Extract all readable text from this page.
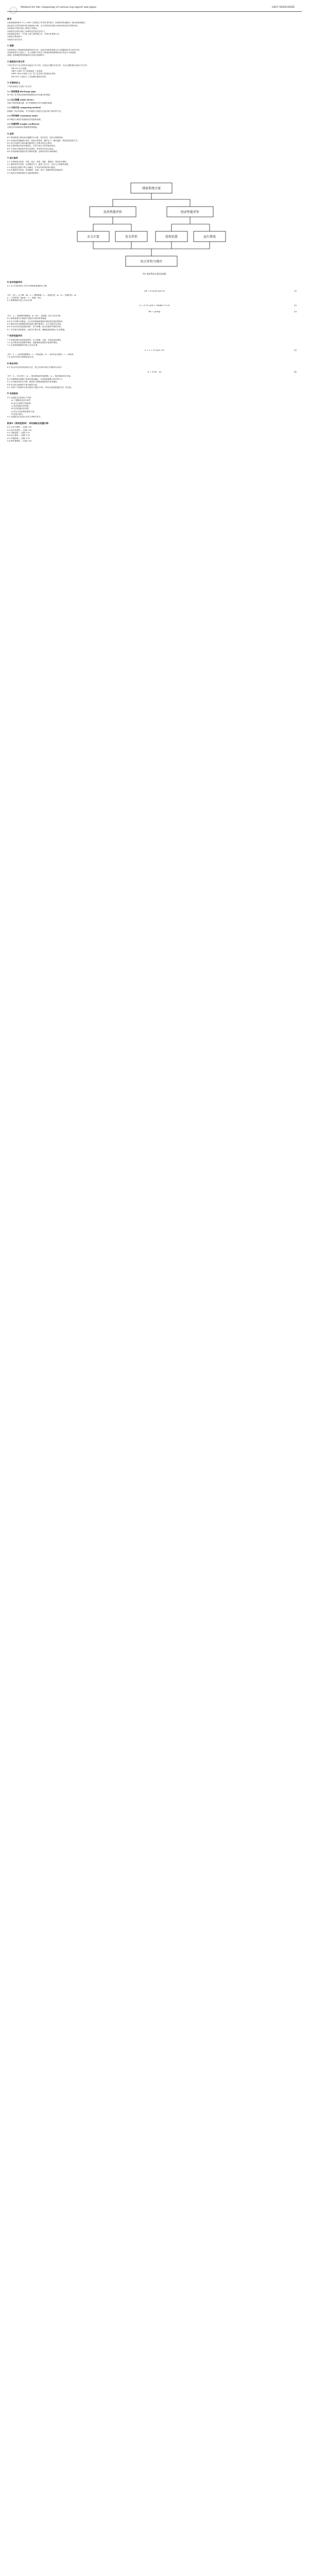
Method for the comparing of various log export and pipes	GB/T XXXX-XXXX

前言

本标准按照GB/T 1.1—2009《标准化工作导则 第1部分：标准的结构和编写》给出的规则起草。

请注意本文件的某些内容可能涉及专利。本文件的发布机构不承担识别这些专利的责任。

本标准由中国石油化工集团公司提出。

本标准由全国石油化工标准化技术委员会归口。

本标准起草单位：中石化上海工程有限公司、中国石化集团公司。

本标准主要起草人：

本标准为首次发布。

1 范围

本标准规定了管道排放系统的比较方法，包括各类排放管道与出口装置的技术与经济评价。

本标准适用于石油化工、化工装置中各类压力管道及排放系统的设计比较与方案选择。

其他工业领域的排放管道设计比较可参照执行。

2 规范性引用文件

下列文件对于本文件的应用是必不可少的。凡是注日期的引用文件，仅注日期的版本适用于本文件。

GB 150 压力容器

GB/T 20801 压力管道规范 工业管道

SH/T 3108 石油化工全厂性工艺及热力管道设计规范

SH 3011 石油化工工艺装置布置设计规范

3 术语和定义

下列术语和定义适用于本文件。

3.1 排放管道 discharge pipe

用于将工艺介质由设备或管道排放至安全地点的管道。

3.2 出口装置 outlet device

安装于排放管道末端、用于控制排放方向与速度的装置。

3.3 比较方法 comparing method

按照统一的评价指标，对不同排放方案进行定量分析与排序的方法。

3.4 评价指标 evaluation index

用于衡量方案技术性能和经济性能的参数。

3.5 权重系数 weight coefficient

反映各评价指标相对重要程度的数值。

4 总则

4.1 排放系统方案比较应遵循安全可靠、技术先进、经济合理的原则。

4.2 比较前应明确设计条件，包括介质特性、操作压力、操作温度、排放量及排放方式。

4.3 参与比较的方案应满足相同的工艺要求及安全要求。

4.4 比较结果应形成书面报告，并作为设计文件的组成部分。

4.5 当采用计算机软件进行比较时，所用软件应经过验证。

4.6 各项参数的取值应有可靠的依据，必要时应进行现场测试。

5 设计条件

5.1 介质特性应包括：名称、组分、密度、黏度、腐蚀性、毒性及可燃性。

5.2 操作条件应包括：正常操作压力、最高工作压力、设计压力及操作温度。

5.3 排放量应按最不利工况确定，并考虑同时排放的可能性。

5.4 环境条件应包括：环境温度、风速、风向、地震烈度及场地条件。

5.5 排放点位置应满足安全距离的要求。

排放系统方案
技术性能评价	经济性能评价
水力计算	安全评价	投资估算	运行费用
综合评价与排序
图1 排放系统方案比较流程

6 技术性能评价

6.1 水力计算应按公式(1)计算排放管道的压力降：

ΔP = λ·(L/D)·(ρv²/2)	(1)

式中：ΔP — 压力降，Pa；λ — 摩擦系数；L — 管道长度，m；D — 管道内径，m；

ρ — 介质密度，kg/m³；v — 流速，m/s。

6.2 摩擦系数可按公式(2)计算：

λ = 0.11·(Δ/D + 68/Re)^0.25	(2)
Re = ρvD/μ	(3)

式中：Δ — 管壁绝对粗糙度，m；Re — 雷诺数，按公式(3)计算。

6.3 排放管道出口流速不应超过介质的临界流速。

6.4 对于可燃气体排放，出口处的热辐射强度应满足相关规范的要求。

6.5 噪声评价应按照排放时的最大噪声级进行，且不应超过允许值。

6.6 安全评价应包括超压保护、防火防爆、防止回流等方面的内容。

6.7 对有毒介质的排放，应进行扩散计算，确保地面浓度低于允许限值。

7 经济性能评价

7.1 投资估算应包括管道材料、出口装置、支架、安装及检验费用。

7.2 运行费用应包括维护费用、能耗费用及排放介质损失费用。

7.3 全寿命周期费用可按公式(5)计算：

C = I + Σ Oₜ/(1+r)ᵗ	(5)

式中：C — 全寿命周期费用；I — 初始投资；Oₜ — 第t年运行费用；r — 折现率。

7.4 经济评价的计算期宜取20年。

8 综合评价

8.1 综合评价宜采用加权评分法，按公式(4)计算各方案的综合得分：

S = Σ (wᵢ · xᵢ)	(4)

式中：S — 综合得分；wᵢ — 第i项指标的权重系数；xᵢ — 第i项指标的评分值。

8.2 权重系数应根据工程具体情况确定，各项权重系数之和应等于1。

8.3 评分值宜采用百分制，按照各方案指标值的相对优劣确定。

8.4 综合得分最高的方案为推荐方案。

8.5 当两个方案的综合得分相差不超过5%时，应结合其他因素进行进一步比较。

9 比较报告

9.1 比较报告应包括以下内容：

a) 工程概况及设计条件；

b) 参与比较的方案说明；

c) 技术性能评价结果；

d) 经济性能评价结果；

e) 综合评价结果及推荐方案；

f) 结论与建议。

9.2 比较报告应由设计负责人审核并签字。

附录A（资料性附录） 评价指标及权重示例

A.1 安全可靠性 — 权重 0.30

A.2 技术先进性 — 权重 0.20

A.3 初始投资 — 权重 0.20

A.4 运行费用 — 权重 0.15

A.5 环境影响 — 权重 0.10

A.6 维护便利性 — 权重 0.05
